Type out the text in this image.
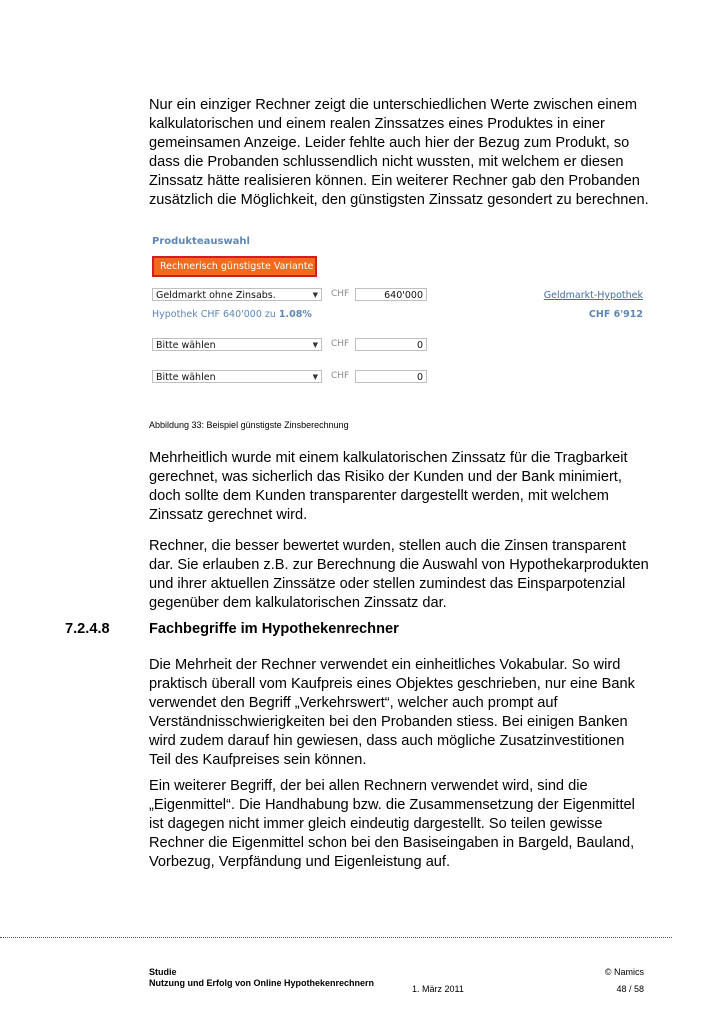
Nur ein einziger Rechner zeigt die unterschiedlichen Werte zwischen einem kalkulatorischen und einem realen Zinssatzes eines Produktes in einer gemeinsamen Anzeige. Leider fehlte auch hier der Bezug zum Produkt, so dass die Probanden schlussendlich nicht wussten, mit welchem er diesen Zinssatz hätte realisieren können. Ein weiterer Rechner gab den Probanden zusätzlich die Möglichkeit, den günstigsten Zinssatz gesondert zu berechnen.

Produkteauswahl
Rechnerisch günstigste Variante
Geldmarkt ohne Zinsabs.	▼ CHF	640'000	Geldmarkt-Hypothek
Hypothek CHF 640'000 zu 1.08%	CHF 6'912
Bitte wählen	▼ CHF	0
Bitte wählen	▼ CHF	0
Abbildung 33: Beispiel günstigste Zinsberechnung

Mehrheitlich wurde mit einem kalkulatorischen Zinssatz für die Tragbarkeit gerechnet, was sicherlich das Risiko der Kunden und der Bank minimiert, doch sollte dem Kunden transparenter dargestellt werden, mit welchem Zinssatz gerechnet wird.

Rechner, die besser bewertet wurden, stellen auch die Zinsen transparent dar. Sie erlauben z.B. zur Berechnung die Auswahl von Hypothekarprodukten und ihrer aktuellen Zinssätze oder stellen zumindest das Einsparpotenzial gegenüber dem kalkulatorischen Zinssatz dar.

7.2.4.8	Fachbegriffe im Hypothekenrechner

Die Mehrheit der Rechner verwendet ein einheitliches Vokabular. So wird praktisch überall vom Kaufpreis eines Objektes geschrieben, nur eine Bank verwendet den Begriff „Verkehrswert“, welcher auch prompt auf Verständnisschwierigkeiten bei den Probanden stiess. Bei einigen Banken wird zudem darauf hin gewiesen, dass auch mögliche Zusatzinvestitionen Teil des Kaufpreises sein können.

Ein weiterer Begriff, der bei allen Rechnern verwendet wird, sind die „Eigenmittel“. Die Handhabung bzw. die Zusammensetzung der Eigenmittel ist dagegen nicht immer gleich eindeutig dargestellt. So teilen gewisse Rechner die Eigenmittel schon bei den Basiseingaben in Bargeld, Bauland, Vorbezug, Verpfändung und Eigenleistung auf.

Studie
Nutzung und Erfolg von Online Hypothekenrechnern
1. März 2011
© Namics
48 / 58
